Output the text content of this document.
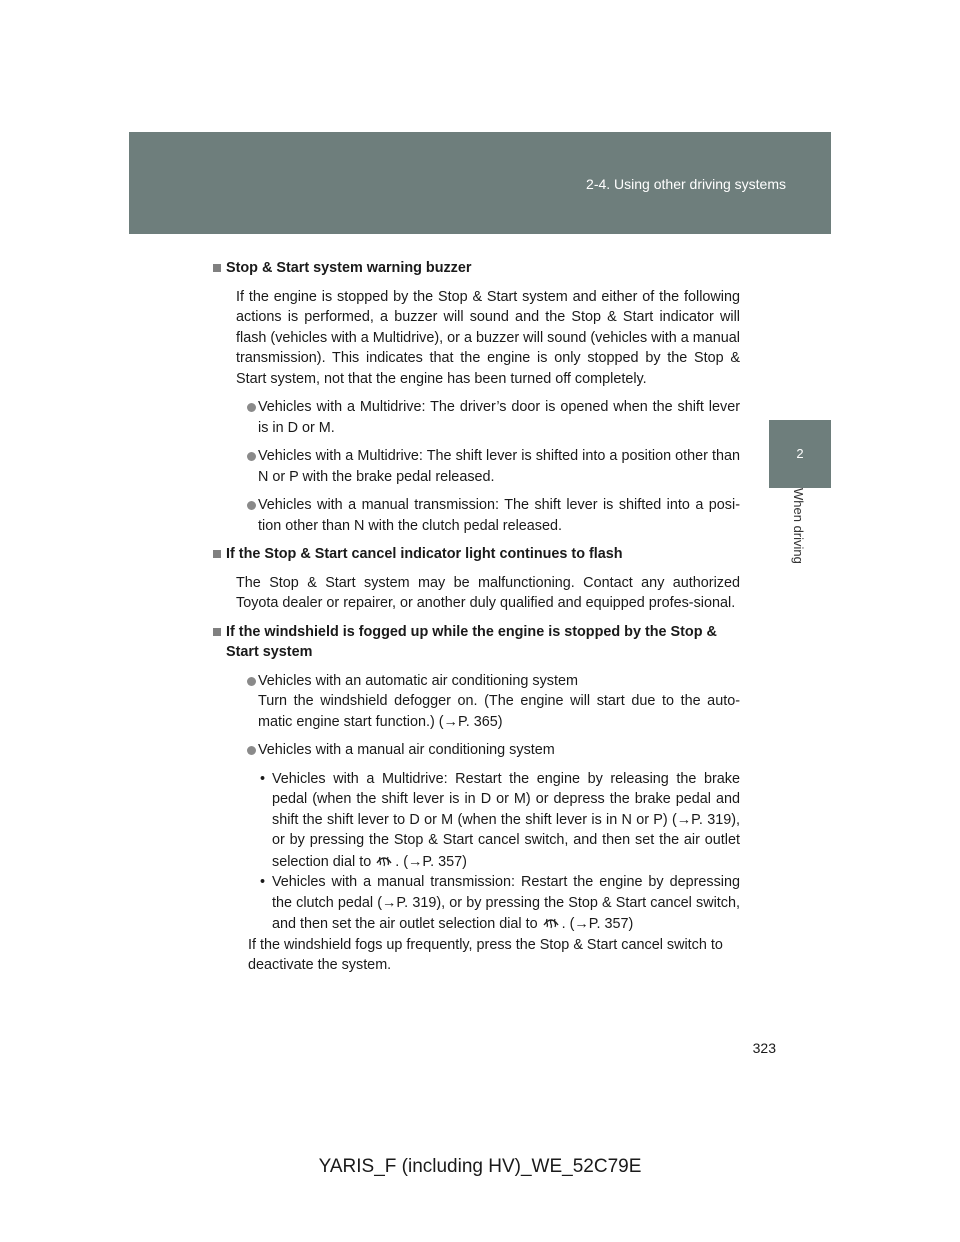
2-4. Using other driving systems
2
When driving
Stop & Start system warning buzzer
If the engine is stopped by the Stop & Start system and either of the following actions is performed, a buzzer will sound and the Stop & Start indicator will flash (vehicles with a Multidrive), or a buzzer will sound (vehicles with a manual transmission). This indicates that the engine is only stopped by the Stop & Start system, not that the engine has been turned off completely.
Vehicles with a Multidrive: The driver’s door is opened when the shift lever is in D or M.
Vehicles with a Multidrive: The shift lever is shifted into a position other than N or P with the brake pedal released.
Vehicles with a manual transmission: The shift lever is shifted into a posi-tion other than N with the clutch pedal released.
If the Stop & Start cancel indicator light continues to flash
The Stop & Start system may be malfunctioning. Contact any authorized Toyota dealer or repairer, or another duly qualified and equipped profes-sional.
If the windshield is fogged up while the engine is stopped by the Stop & Start system
Vehicles with an automatic air conditioning system
Turn the windshield defogger on. (The engine will start due to the auto-matic engine start function.) (→P. 365)
Vehicles with a manual air conditioning system
• Vehicles with a Multidrive: Restart the engine by releasing the brake pedal (when the shift lever is in D or M) or depress the brake pedal and shift the shift lever to D or M (when the shift lever is in N or P) (→P. 319), or by pressing the Stop & Start cancel switch, and then set the air outlet selection dial to . (→P. 357)
• Vehicles with a manual transmission: Restart the engine by depressing the clutch pedal (→P. 319), or by pressing the Stop & Start cancel switch, and then set the air outlet selection dial to . (→P. 357)
If the windshield fogs up frequently, press the Stop & Start cancel switch to deactivate the system.
323
YARIS_F (including HV)_WE_52C79E
